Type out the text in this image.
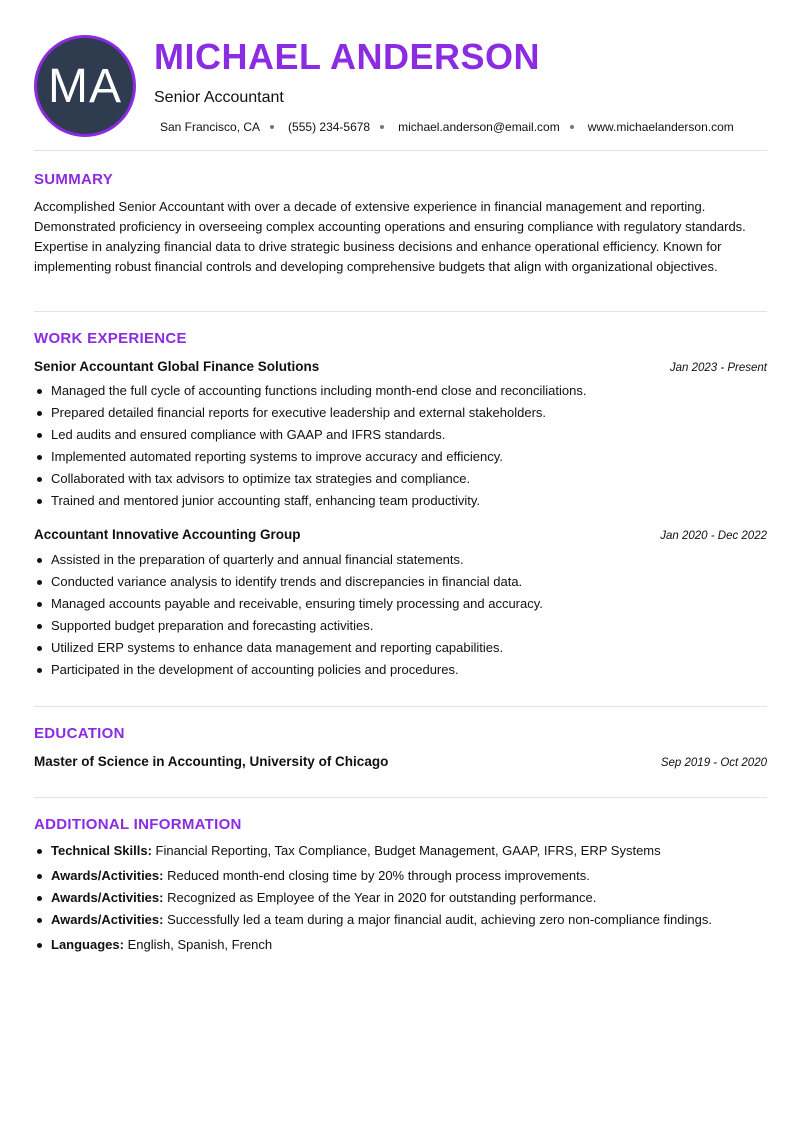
MA
MICHAEL ANDERSON
Senior Accountant
San Francisco, CA (555) 234-5678 michael.anderson@email.com www.michaelanderson.com
SUMMARY

Accomplished Senior Accountant with over a decade of extensive experience in financial management and reporting. Demonstrated proficiency in overseeing complex accounting operations and ensuring compliance with regulatory standards. Expertise in analyzing financial data to drive strategic business decisions and enhance operational efficiency. Known for implementing robust financial controls and developing comprehensive budgets that align with organizational objectives.

WORK EXPERIENCE
Senior Accountant Global Finance Solutions	Jan 2023 - Present
Managed the full cycle of accounting functions including month-end close and reconciliations.
Prepared detailed financial reports for executive leadership and external stakeholders.
Led audits and ensured compliance with GAAP and IFRS standards.
Implemented automated reporting systems to improve accuracy and efficiency.
Collaborated with tax advisors to optimize tax strategies and compliance.
Trained and mentored junior accounting staff, enhancing team productivity.
Accountant Innovative Accounting Group	Jan 2020 - Dec 2022
Assisted in the preparation of quarterly and annual financial statements.
Conducted variance analysis to identify trends and discrepancies in financial data.
Managed accounts payable and receivable, ensuring timely processing and accuracy.
Supported budget preparation and forecasting activities.
Utilized ERP systems to enhance data management and reporting capabilities.
Participated in the development of accounting policies and procedures.
EDUCATION
Master of Science in Accounting, University of Chicago	Sep 2019 - Oct 2020
ADDITIONAL INFORMATION
Technical Skills: Financial Reporting, Tax Compliance, Budget Management, GAAP, IFRS, ERP Systems
Awards/Activities: Reduced month-end closing time by 20% through process improvements.
Awards/Activities: Recognized as Employee of the Year in 2020 for outstanding performance.
Awards/Activities: Successfully led a team during a major financial audit, achieving zero non-compliance findings.
Languages: English, Spanish, French
